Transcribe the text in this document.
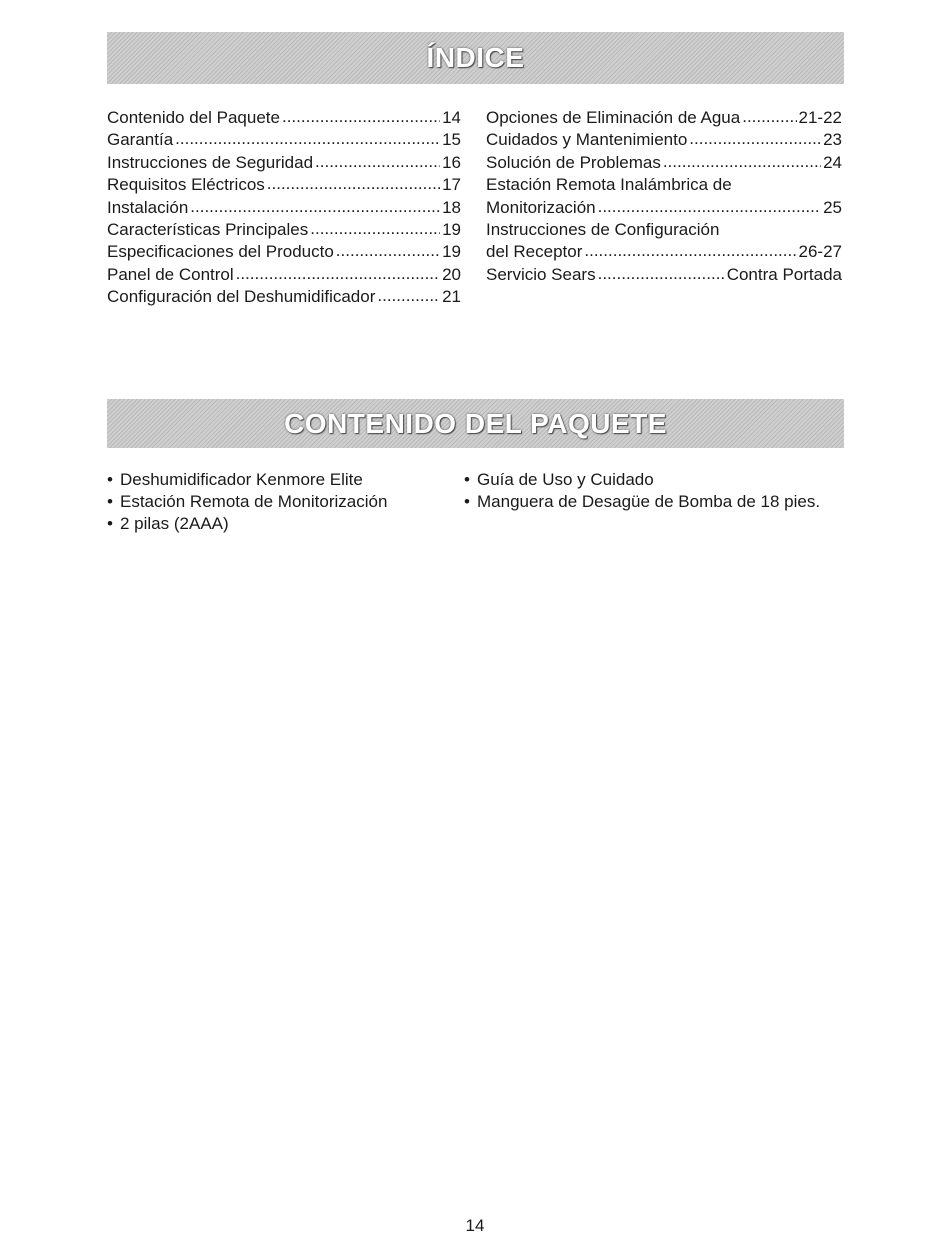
ÍNDICE
Contenido del Paquete .....	14
Garantía .....	15
Instrucciones de Seguridad .....	16
Requisitos Eléctricos .....	17
Instalación .....	18
Características Principales .....	19
Especificaciones del Producto .....	19
Panel de Control .....	20
Configuración del Deshumidificador .....	21
Opciones de Eliminación de Agua .....	21-22
Cuidados y Mantenimiento .....	23
Solución de Problemas .....	24
Estación Remota Inalámbrica de
Monitorización .....	25
Instrucciones de Configuración
del Receptor .....	26-27
Servicio Sears .....	Contra Portada
CONTENIDO DEL PAQUETE
• Deshumidificador Kenmore Elite
• Estación Remota de Monitorización
• 2 pilas (2AAA)
• Guía de Uso y Cuidado
• Manguera de Desagüe de Bomba de 18 pies.
14
